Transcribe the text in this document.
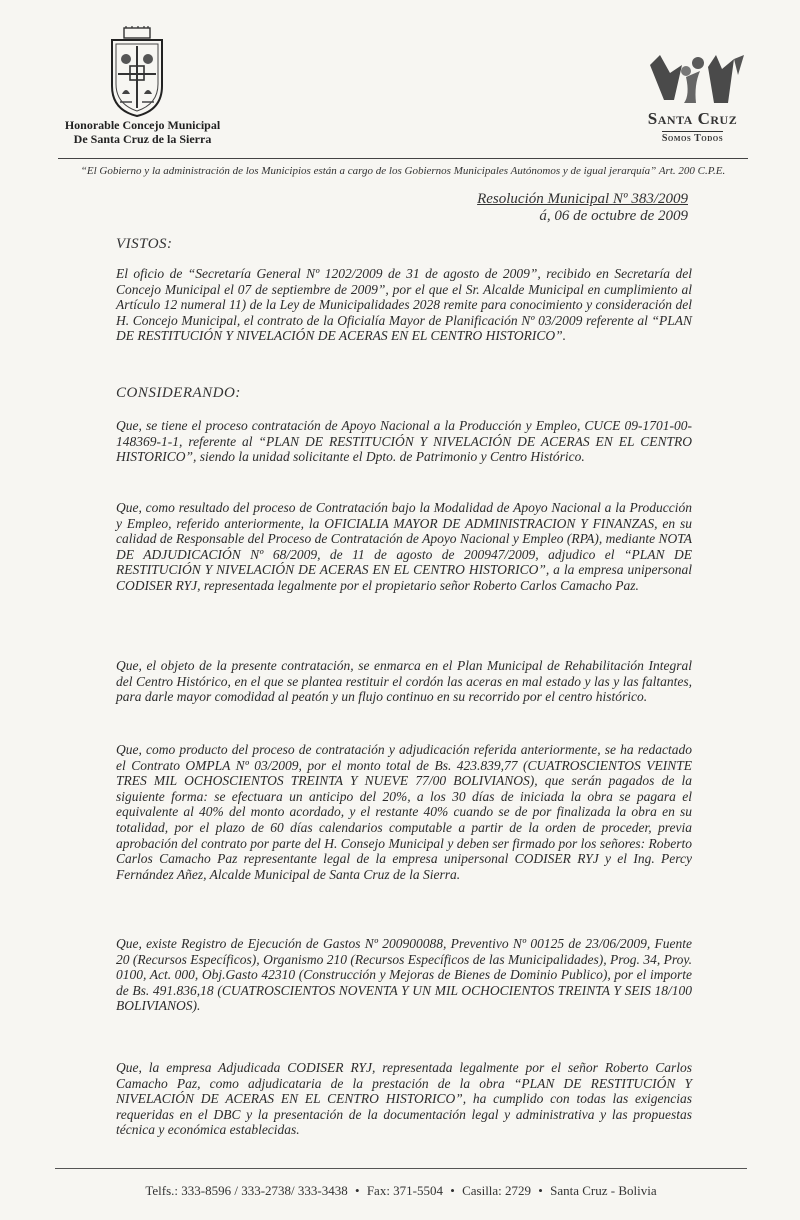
Honorable Concejo Municipal
De Santa Cruz de la Sierra
Santa Cruz
Somos Todos
“El Gobierno y la administración de los Municipios están a cargo de los Gobiernos Municipales Autónomos y de igual jerarquía” Art. 200 C.P.E.
Resolución Municipal Nº 383/2009
á, 06 de octubre de 2009
VISTOS:

El oficio de “Secretaría General Nº 1202/2009 de 31 de agosto de 2009”, recibido en Secretaría del Concejo Municipal el 07 de septiembre de 2009”, por el que el Sr. Alcalde Municipal en cumplimiento al Artículo 12 numeral 11) de la Ley de Municipalidades 2028 remite para conocimiento y consideración del H. Concejo Municipal, el contrato de la Oficialía Mayor de Planificación Nº 03/2009 referente al “PLAN DE RESTITUCIÓN Y NIVELACIÓN DE ACERAS EN EL CENTRO HISTORICO”.

CONSIDERANDO:

Que, se tiene el proceso contratación de Apoyo Nacional a la Producción y Empleo, CUCE 09-1701-00-148369-1-1, referente al “PLAN DE RESTITUCIÓN Y NIVELACIÓN DE ACERAS EN EL CENTRO HISTORICO”, siendo la unidad solicitante el Dpto. de Patrimonio y Centro Histórico.

Que, como resultado del proceso de Contratación bajo la Modalidad de Apoyo Nacional a la Producción y Empleo, referido anteriormente, la OFICIALIA MAYOR DE ADMINISTRACION Y FINANZAS, en su calidad de Responsable del Proceso de Contratación de Apoyo Nacional y Empleo (RPA), mediante NOTA DE ADJUDICACIÓN Nº 68/2009, de 11 de agosto de 200947/2009, adjudico el “PLAN DE RESTITUCIÓN Y NIVELACIÓN DE ACERAS EN EL CENTRO HISTORICO”, a la empresa unipersonal CODISER RYJ, representada legalmente por el propietario señor Roberto Carlos Camacho Paz.

Que, el objeto de la presente contratación, se enmarca en el Plan Municipal de Rehabilitación Integral del Centro Histórico, en el que se plantea restituir el cordón las aceras en mal estado y las y las faltantes, para darle mayor comodidad al peatón y un flujo continuo en su recorrido por el centro histórico.

Que, como producto del proceso de contratación y adjudicación referida anteriormente, se ha redactado el Contrato OMPLA Nº 03/2009, por el monto total de Bs. 423.839,77 (CUATROSCIENTOS VEINTE TRES MIL OCHOSCIENTOS TREINTA Y NUEVE 77/00 BOLIVIANOS), que serán pagados de la siguiente forma: se efectuara un anticipo del 20%, a los 30 días de iniciada la obra se pagara el equivalente al 40% del monto acordado, y el restante 40% cuando se de por finalizada la obra en su totalidad, por el plazo de 60 días calendarios computable a partir de la orden de proceder, previa aprobación del contrato por parte del H. Consejo Municipal y deben ser firmado por los señores: Roberto Carlos Camacho Paz representante legal de la empresa unipersonal CODISER RYJ y el Ing. Percy Fernández Añez, Alcalde Municipal de Santa Cruz de la Sierra.

Que, existe Registro de Ejecución de Gastos Nº 200900088, Preventivo Nº 00125 de 23/06/2009, Fuente 20 (Recursos Específicos), Organismo 210 (Recursos Específicos de las Municipalidades), Prog. 34, Proy. 0100, Act. 000, Obj.Gasto 42310 (Construcción y Mejoras de Bienes de Dominio Publico), por el importe de Bs. 491.836,18 (CUATROSCIENTOS NOVENTA Y UN MIL OCHOCIENTOS TREINTA Y SEIS 18/100 BOLIVIANOS).

Que, la empresa Adjudicada CODISER RYJ, representada legalmente por el señor Roberto Carlos Camacho Paz, como adjudicataria de la prestación de la obra “PLAN DE RESTITUCIÓN Y NIVELACIÓN DE ACERAS EN EL CENTRO HISTORICO”, ha cumplido con todas las exigencias requeridas en el DBC y la presentación de la documentación legal y administrativa y las propuestas técnica y económica establecidas.

Telfs.: 333-8596 / 333-2738/ 333-3438 • Fax: 371-5504 • Casilla: 2729 • Santa Cruz - Bolivia
